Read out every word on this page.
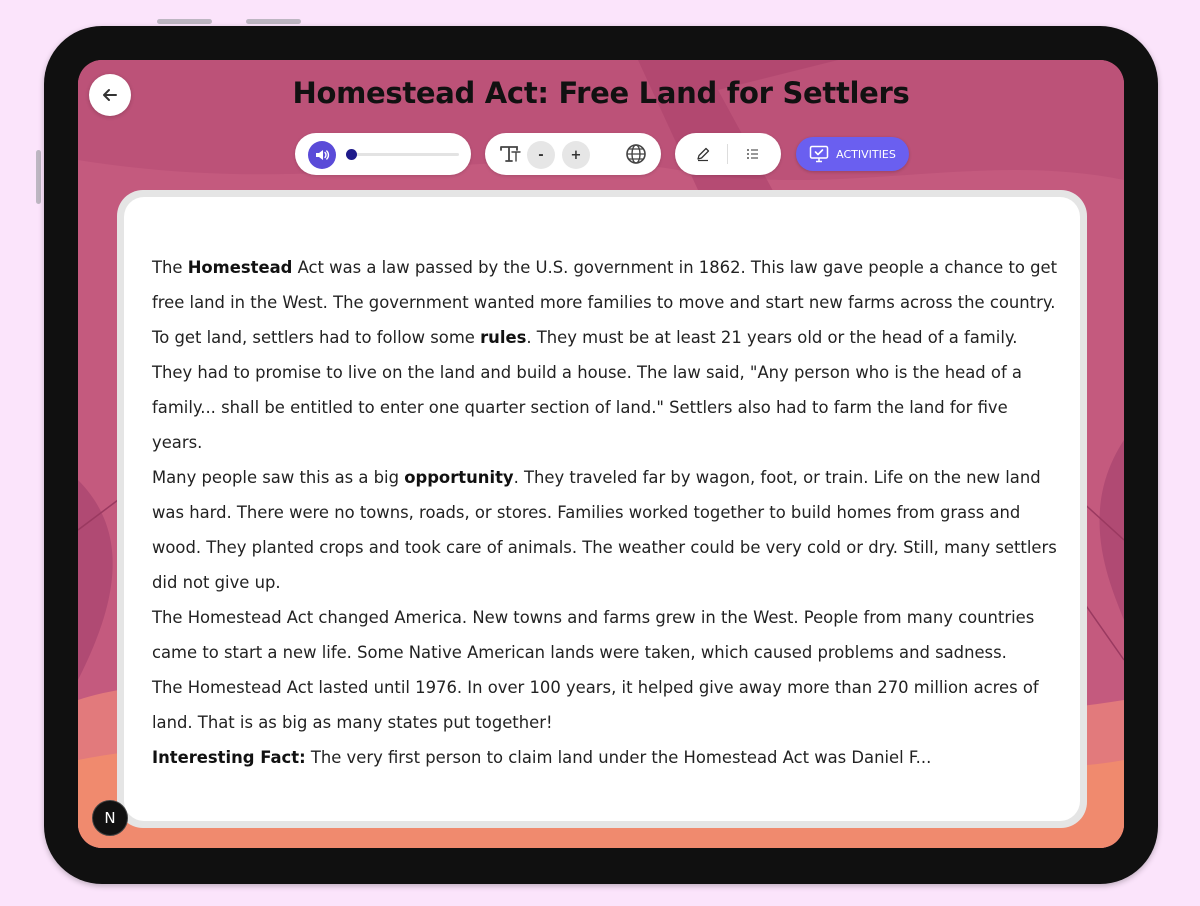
Homestead Act: Free Land for Settlers
-	+	ACTIVITIES

The Homestead Act was a law passed by the U.S. government in 1862. This law gave people a chance to get free land in the West. The government wanted more families to move and start new farms across the country.

To get land, settlers had to follow some rules. They must be at least 21 years old or the head of a family. They had to promise to live on the land and build a house. The law said, "Any person who is the head of a family... shall be entitled to enter one quarter section of land." Settlers also had to farm the land for five years.

Many people saw this as a big opportunity. They traveled far by wagon, foot, or train. Life on the new land was hard. There were no towns, roads, or stores. Families worked together to build homes from grass and wood. They planted crops and took care of animals. The weather could be very cold or dry. Still, many settlers did not give up.

The Homestead Act changed America. New towns and farms grew in the West. People from many countries came to start a new life. Some Native American lands were taken, which caused problems and sadness.

The Homestead Act lasted until 1976. In over 100 years, it helped give away more than 270 million acres of land. That is as big as many states put together!

Interesting Fact: The very first person to claim land under the Homestead Act was Daniel F...

N
